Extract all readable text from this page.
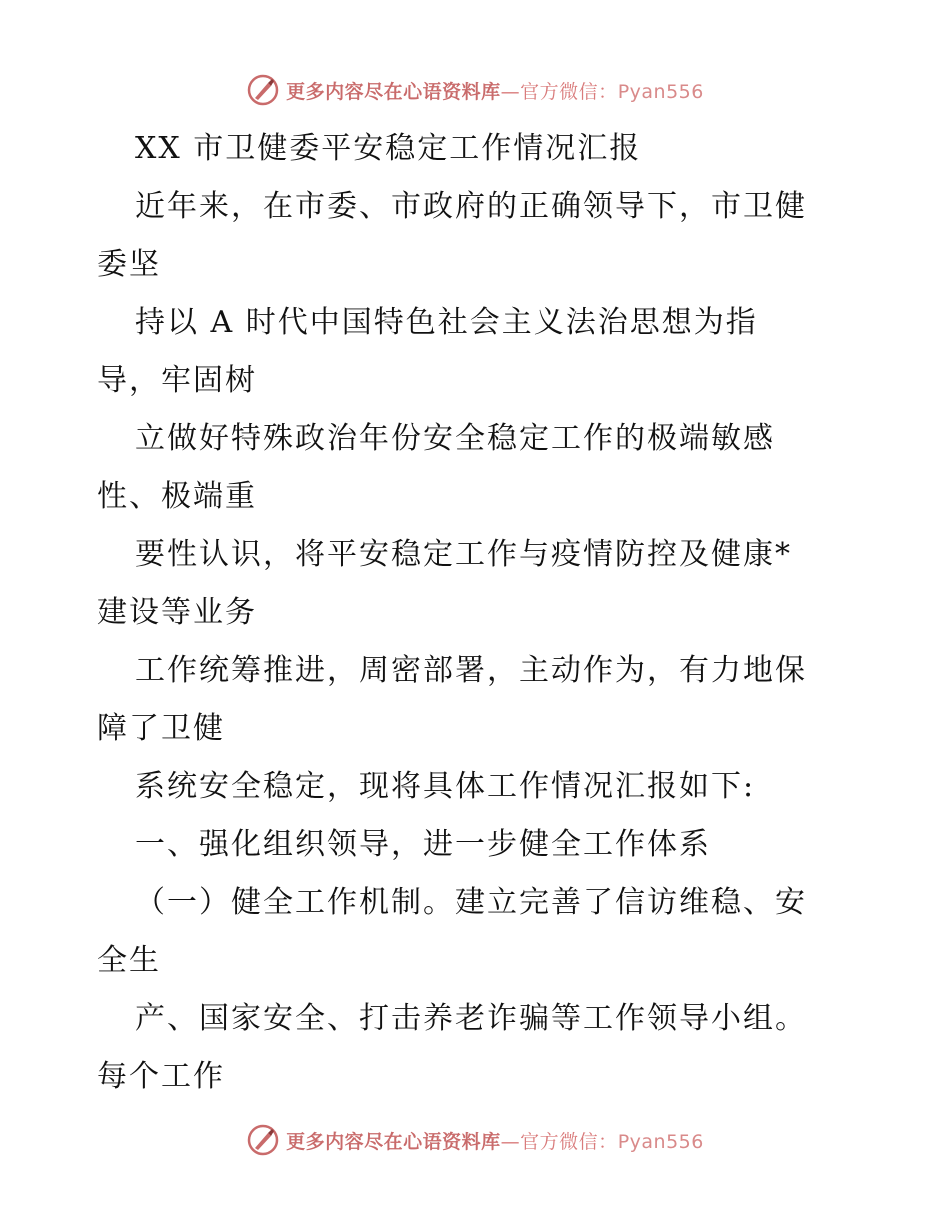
更多内容尽在心语资料库—官方微信：Pyan556
XX 市卫健委平安稳定工作情况汇报
近年来，在市委、市政府的正确领导下，市卫健
委坚
持以 A 时代中国特色社会主义法治思想为指
导，牢固树
立做好特殊政治年份安全稳定工作的极端敏感
性、极端重
要性认识，将平安稳定工作与疫情防控及健康*
建设等业务
工作统筹推进，周密部署，主动作为，有力地保
障了卫健
系统安全稳定，现将具体工作情况汇报如下:
一、强化组织领导，进一步健全工作体系
（一）健全工作机制。建立完善了信访维稳、安
全生
产、国家安全、打击养老诈骗等工作领导小组。
每个工作
更多内容尽在心语资料库—官方微信：Pyan556
